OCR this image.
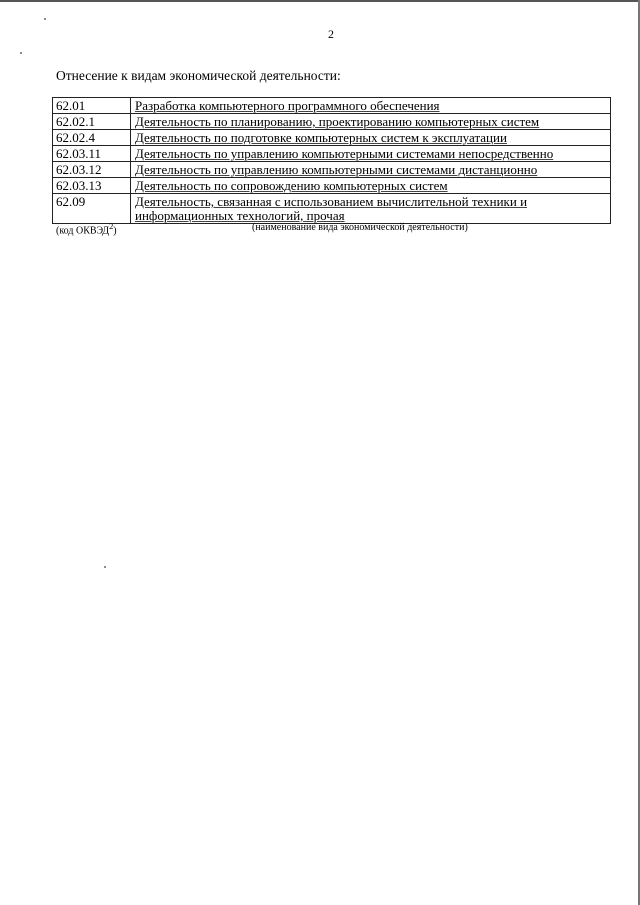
2
Отнесение к видам экономической деятельности:
62.01	Разработка компьютерного программного обеспечения
62.02.1	Деятельность по планированию, проектированию компьютерных систем
62.02.4	Деятельность по подготовке компьютерных систем к эксплуатации
62.03.11	Деятельность по управлению компьютерными системами непосредственно
62.03.12	Деятельность по управлению компьютерными системами дистанционно
62.03.13	Деятельность по сопровождению компьютерных систем
62.09	Деятельность, связанная с использованием вычислительной техники и информационных технологий, прочая
(код ОКВЭД$^2$)	(наименование вида экономической деятельности)
